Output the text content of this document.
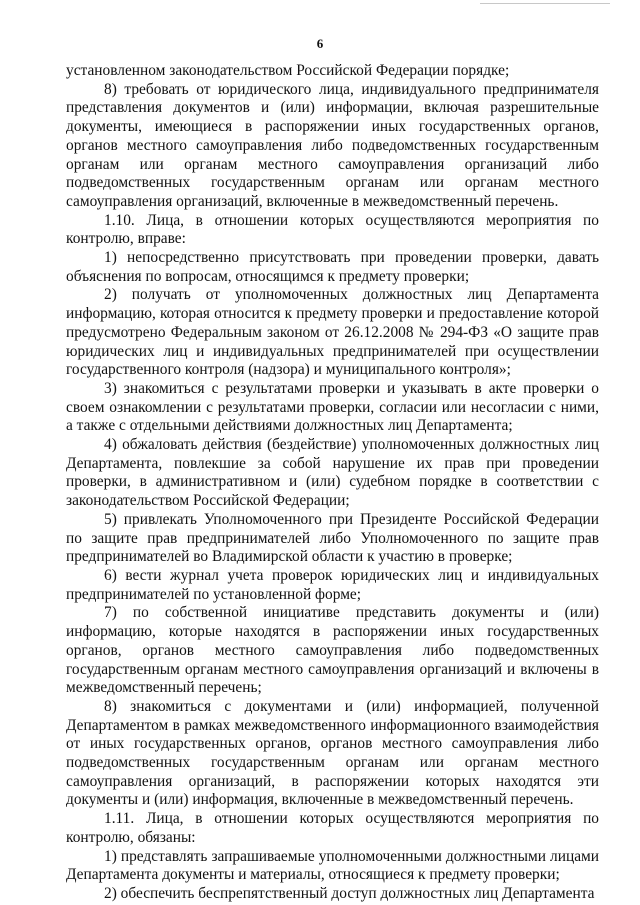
6

установленном законодательством Российской Федерации порядке;

8) требовать от юридического лица, индивидуального предпринимателя представления документов и (или) информации, включая разрешительные документы, имеющиеся в распоряжении иных государственных органов, органов местного самоуправления либо подведомственных государственным органам или органам местного самоуправления организаций либо подведомственных государственным органам или органам местного самоуправления организаций, включенные в межведомственный перечень.

1.10. Лица, в отношении которых осуществляются мероприятия по контролю, вправе:

1) непосредственно присутствовать при проведении проверки, давать объяснения по вопросам, относящимся к предмету проверки;

2) получать от уполномоченных должностных лиц Департамента информацию, которая относится к предмету проверки и предоставление которой предусмотрено Федеральным законом от 26.12.2008 № 294-ФЗ «О защите прав юридических лиц и индивидуальных предпринимателей при осуществлении государственного контроля (надзора) и муниципального контроля»;

3) знакомиться с результатами проверки и указывать в акте проверки о своем ознакомлении с результатами проверки, согласии или несогласии с ними, а также с отдельными действиями должностных лиц Департамента;

4) обжаловать действия (бездействие) уполномоченных должностных лиц Департамента, повлекшие за собой нарушение их прав при проведении проверки, в административном и (или) судебном порядке в соответствии с законодательством Российской Федерации;

5) привлекать Уполномоченного при Президенте Российской Федерации по защите прав предпринимателей либо Уполномоченного по защите прав предпринимателей во Владимирской области к участию в проверке;

6) вести журнал учета проверок юридических лиц и индивидуальных предпринимателей по установленной форме;

7) по собственной инициативе представить документы и (или) информацию, которые находятся в распоряжении иных государственных органов, органов местного самоуправления либо подведомственных государственным органам местного самоуправления организаций и включены в межведомственный перечень;

8) знакомиться с документами и (или) информацией, полученной Департаментом в рамках межведомственного информационного взаимодействия от иных государственных органов, органов местного самоуправления либо подведомственных государственным органам или органам местного самоуправления организаций, в распоряжении которых находятся эти документы и (или) информация, включенные в межведомственный перечень.

1.11. Лица, в отношении которых осуществляются мероприятия по контролю, обязаны:

1) представлять запрашиваемые уполномоченными должностными лицами Департамента документы и материалы, относящиеся к предмету проверки;

2) обеспечить беспрепятственный доступ должностных лиц Департамента
